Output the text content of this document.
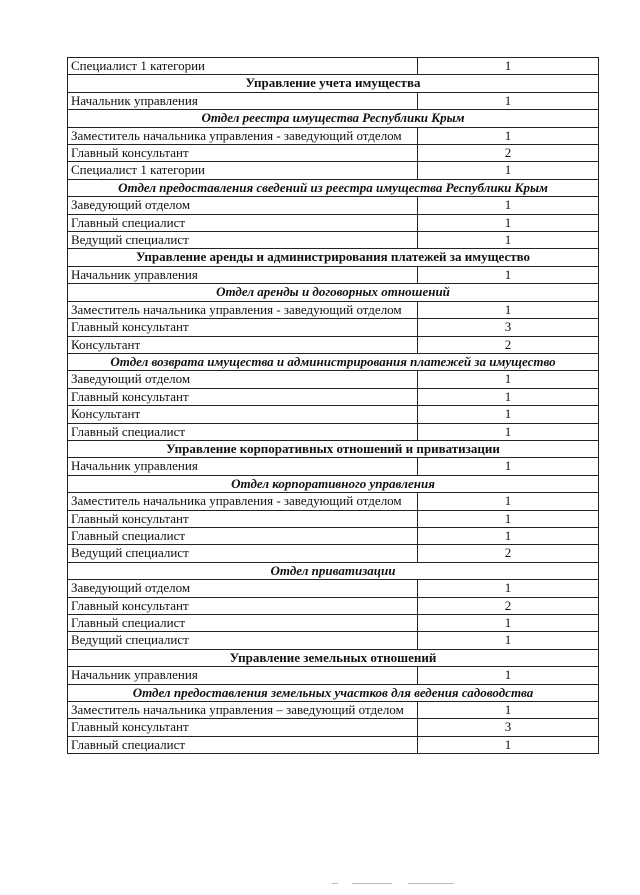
Специалист 1 категории	1
Управление учета имущества	
Начальник управления	1
Отдел реестра имущества Республики Крым	
Заместитель начальника управления - заведующий отделом	1
Главный консультант	2
Специалист 1 категории	1
Отдел предоставления сведений из реестра имущества Республики Крым	
Заведующий отделом	1
Главный специалист	1
Ведущий специалист	1
Управление аренды и администрирования платежей за имущество	
Начальник управления	1
Отдел аренды и договорных отношений	
Заместитель начальника управления - заведующий отделом	1
Главный консультант	3
Консультант	2
Отдел возврата имущества и администрирования платежей за имущество	
Заведующий отделом	1
Главный консультант	1
Консультант	1
Главный специалист	1
Управление корпоративных отношений и приватизации	
Начальник управления	1
Отдел корпоративного управления	
Заместитель начальника управления - заведующий отделом	1
Главный консультант	1
Главный специалист	1
Ведущий специалист	2
Отдел приватизации	
Заведующий отделом	1
Главный консультант	2
Главный специалист	1
Ведущий специалист	1
Управление земельных отношений	
Начальник управления	1
Отдел предоставления земельных участков для ведения садоводства	
Заместитель начальника управления – заведующий отделом	1
Главный консультант	3
Главный специалист	1
